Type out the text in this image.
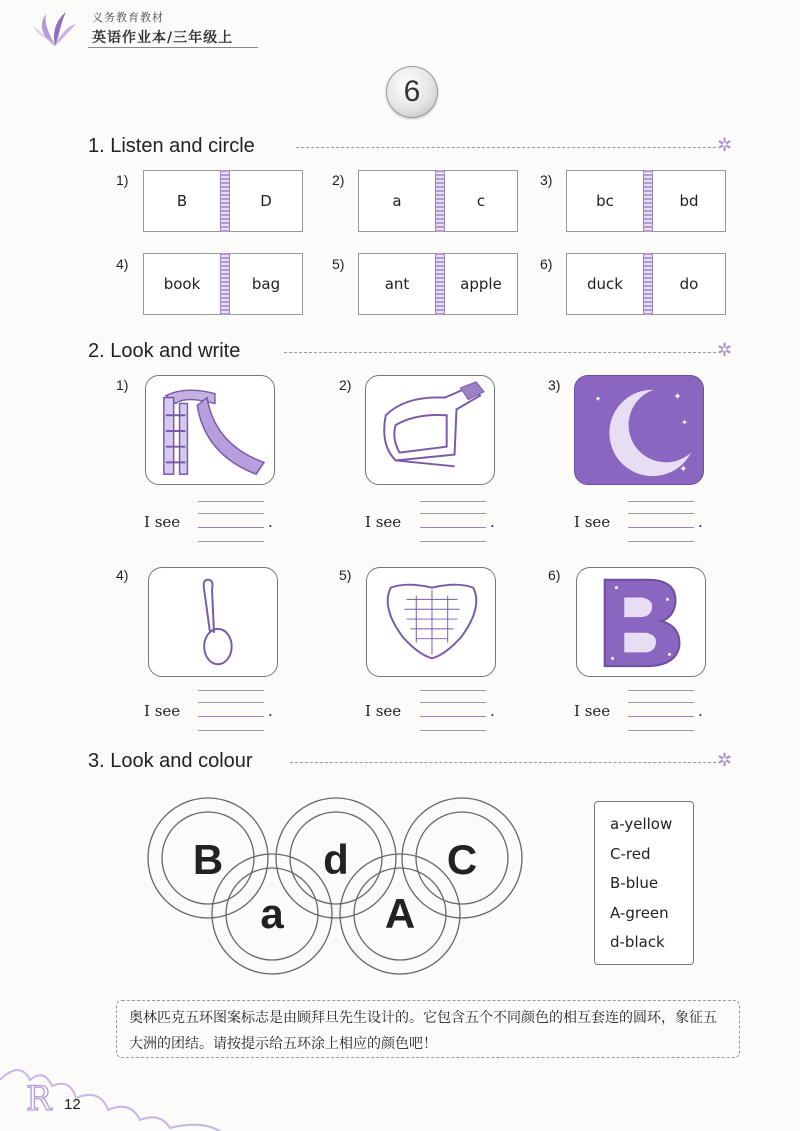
义务教育教材
英语作业本/三年级上
6
1. Listen and circle	✲
1)
B	D
2)
a	c
3)
bc	bd
4)
book	bag
5)
ant	apple
6)
duck	do
2. Look and write	✲
1)	2)	3)
✦
✦
✦
✦
4)	5)	6)
I see	.	I see	.	I see	.
I see	.	I see	.	I see	.
3. Look and colour	✲
B d C
a A
a-yellow
C-red
B-blue
A-green
d-black
奥林匹克五环图案标志是由顾拜旦先生设计的。它包含五个不同颜色的相互套连的圆环，象征五大洲的团结。请按提示给五环涂上相应的颜色吧！
R 12
